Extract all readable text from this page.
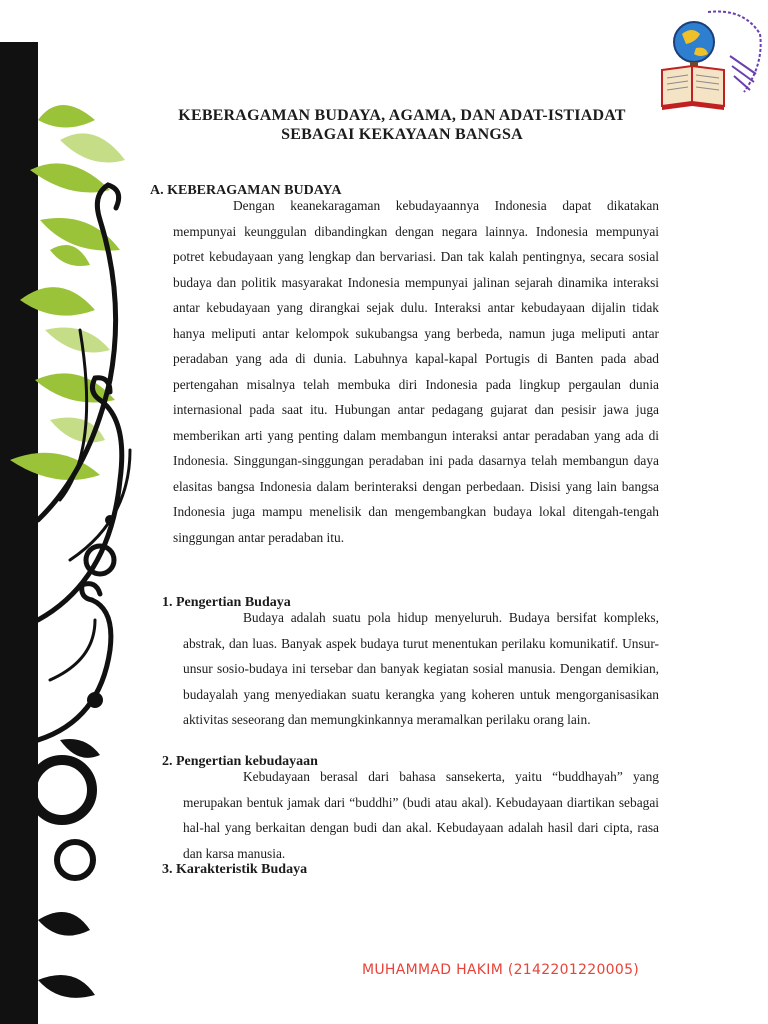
KEBERAGAMAN BUDAYA, AGAMA, DAN ADAT-ISTIADAT
SEBAGAI KEKAYAAN BANGSA
A. KEBERAGAMAN BUDAYA

Dengan keanekaragaman kebudayaannya Indonesia dapat dikatakan mempunyai keunggulan dibandingkan dengan negara lainnya. Indonesia mempunyai potret kebudayaan yang lengkap dan bervariasi. Dan tak kalah pentingnya, secara sosial budaya dan politik masyarakat Indonesia mempunyai jalinan sejarah dinamika interaksi antar kebudayaan yang dirangkai sejak dulu. Interaksi antar kebudayaan dijalin tidak hanya meliputi antar kelompok sukubangsa yang berbeda, namun juga meliputi antar peradaban yang ada di dunia. Labuhnya kapal-kapal Portugis di Banten pada abad pertengahan misalnya telah membuka diri Indonesia pada lingkup pergaulan dunia internasional pada saat itu. Hubungan antar pedagang gujarat dan pesisir jawa juga memberikan arti yang penting dalam membangun interaksi antar peradaban yang ada di Indonesia. Singgungan-singgungan peradaban ini pada dasarnya telah membangun daya elasitas bangsa Indonesia dalam berinteraksi dengan perbedaan. Disisi yang lain bangsa Indonesia juga mampu menelisik dan mengembangkan budaya lokal ditengah-tengah singgungan antar peradaban itu.

1. Pengertian Budaya

Budaya adalah suatu pola hidup menyeluruh. Budaya bersifat kompleks, abstrak, dan luas. Banyak aspek budaya turut menentukan perilaku komunikatif. Unsur-unsur sosio-budaya ini tersebar dan banyak kegiatan sosial manusia. Dengan demikian, budayalah yang menyediakan suatu kerangka yang koheren untuk mengorganisasikan aktivitas seseorang dan memungkinkannya meramalkan perilaku orang lain.

2. Pengertian kebudayaan

Kebudayaan berasal dari bahasa sansekerta, yaitu “buddhayah” yang merupakan bentuk jamak dari “buddhi” (budi atau akal). Kebudayaan diartikan sebagai hal-hal yang berkaitan dengan budi dan akal. Kebudayaan adalah hasil dari cipta, rasa dan karsa manusia.

3. Karakteristik Budaya
MUHAMMAD HAKIM (2142201220005)
